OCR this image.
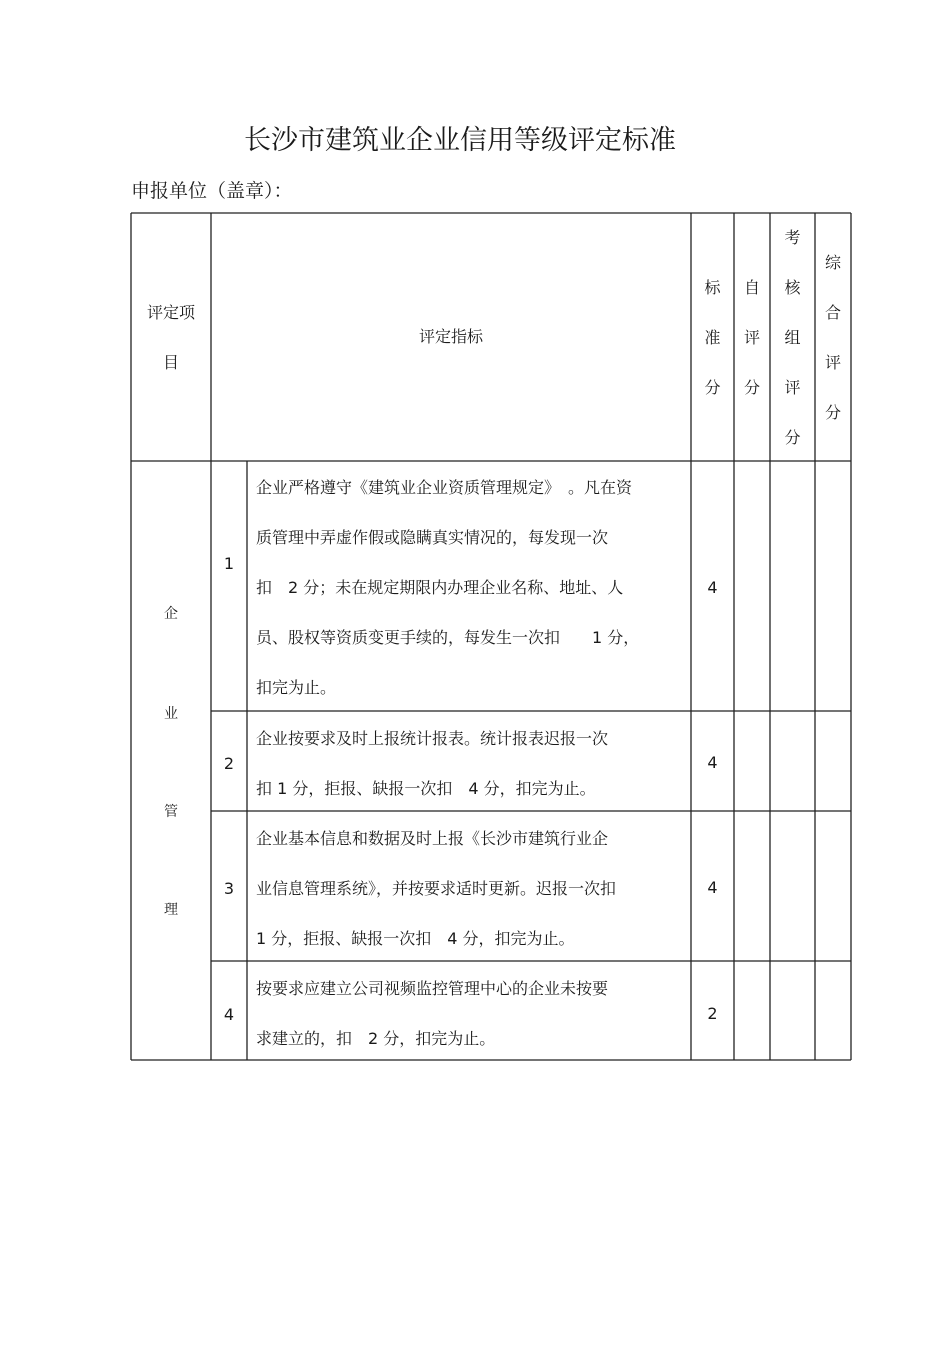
长沙市建筑业企业信用等级评定标准
申报单位（盖章）：
评定项
目
评定指标
标
准
分
自
评
分
考
核
组
评
分
综
合
评
分
企
业
管
理
1
企业严格遵守《建筑业企业资质管理规定》　。凡在资
质管理中弄虚作假或隐瞒真实情况的，每发现一次
扣　2 分；未在规定期限内办理企业名称、地址、人
员、股权等资质变更手续的，每发生一次扣　　1 分，
扣完为止。
4
2
企业按要求及时上报统计报表。统计报表迟报一次
扣 1 分，拒报、缺报一次扣　4 分，扣完为止。
4
3
企业基本信息和数据及时上报《长沙市建筑行业企
业信息管理系统》，并按要求适时更新。迟报一次扣
1 分，拒报、缺报一次扣　4 分，扣完为止。
4
4
按要求应建立公司视频监控管理中心的企业未按要
求建立的，扣　2 分，扣完为止。
2
